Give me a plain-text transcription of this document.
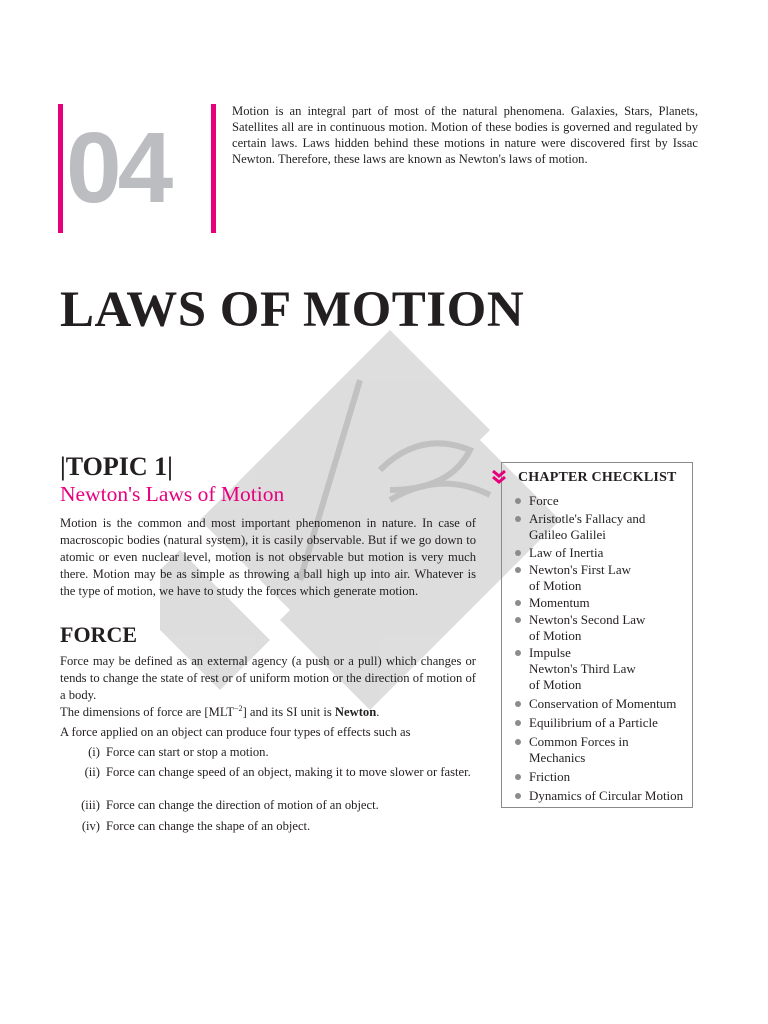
04
Motion is an integral part of most of the natural phenomena. Galaxies, Stars, Planets, Satellites all are in continuous motion. Motion of these bodies is governed and regulated by certain laws. Laws hidden behind these motions in nature were discovered first by Issac Newton. Therefore, these laws are known as Newton's laws of motion.
LAWS OF MOTION
|TOPIC 1|
Newton's Laws of Motion
Motion is the common and most important phenomenon in nature. In case of macroscopic bodies (natural system), it is casily observable. But if we go down to atomic or even nuclear level, motion is not observable but motion is very much there. Motion may be as simple as throwing a ball high up into air. Whatever is the type of motion, we have to study the forces which generate motion.
FORCE
Force may be defined as an external agency (a push or a pull) which changes or tends to change the state of rest or of uniform motion or the direction of motion of a body.
The dimensions of force are $[MLT^{-2}]$ and its SI unit is Newton.
A force applied on an object can produce four types of effects such as
(i) Force can start or stop a motion.
(ii) Force can change speed of an object, making it to move slower or faster.
(iii) Force can change the direction of motion of an object.
(iv) Force can change the shape of an object.
CHAPTER CHECKLIST
Force
Aristotle's Fallacy and
Galileo Galilei
Law of Inertia
Newton's First Law
of Motion
Momentum
Newton's Second Law
of Motion
Impulse
Newton's Third Law
of Motion
Conservation of Momentum
Equilibrium of a Particle
Common Forces in
Mechanics
Friction
Dynamics of Circular Motion
